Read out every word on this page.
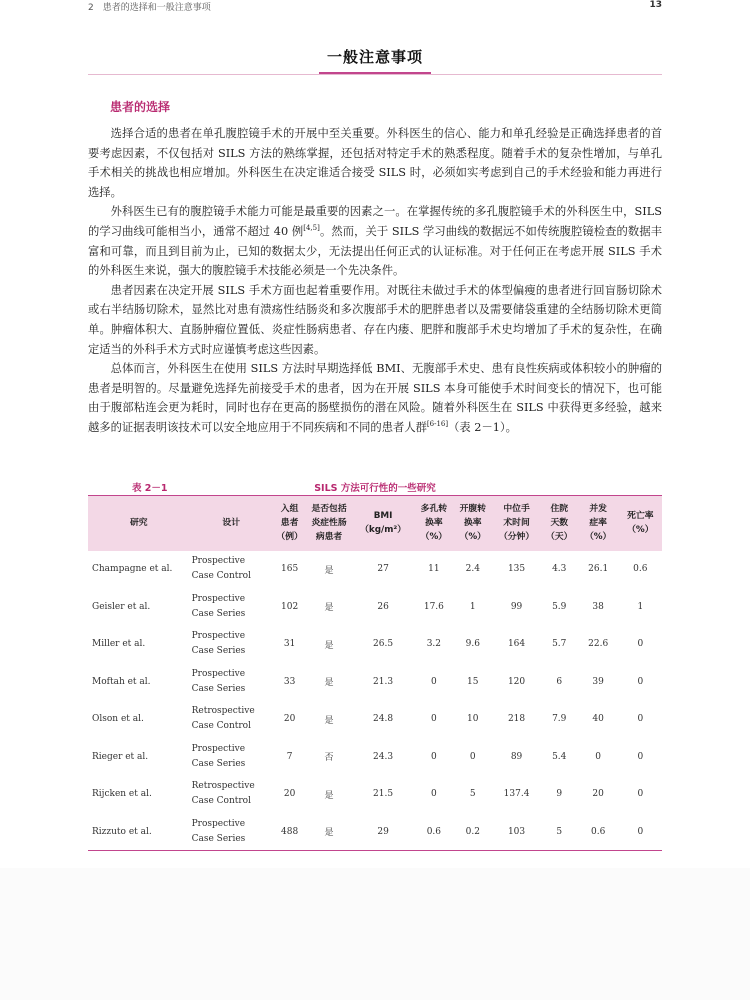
2　患者的选择和一般注意事项	13
一般注意事项
患者的选择

选择合适的患者在单孔腹腔镜手术的开展中至关重要。外科医生的信心、能力和单孔经验是正确选择患者的首要考虑因素，不仅包括对 SILS 方法的熟练掌握，还包括对特定手术的熟悉程度。随着手术的复杂性增加，与单孔手术相关的挑战也相应增加。外科医生在决定谁适合接受 SILS 时，必须如实考虑到自己的手术经验和能力再进行选择。

外科医生已有的腹腔镜手术能力可能是最重要的因素之一。在掌握传统的多孔腹腔镜手术的外科医生中，SILS 的学习曲线可能相当小，通常不超过 40 例[4,5]。然而，关于 SILS 学习曲线的数据远不如传统腹腔镜检查的数据丰富和可靠，而且到目前为止，已知的数据太少，无法提出任何正式的认证标准。对于任何正在考虑开展 SILS 手术的外科医生来说，强大的腹腔镜手术技能必须是一个先决条件。

患者因素在决定开展 SILS 手术方面也起着重要作用。对既往未做过手术的体型偏瘦的患者进行回盲肠切除术或右半结肠切除术，显然比对患有溃疡性结肠炎和多次腹部手术的肥胖患者以及需要储袋重建的全结肠切除术更简单。肿瘤体积大、直肠肿瘤位置低、炎症性肠病患者、存在内瘘、肥胖和腹部手术史均增加了手术的复杂性，在确定适当的外科手术方式时应谨慎考虑这些因素。

总体而言，外科医生在使用 SILS 方法时早期选择低 BMI、无腹部手术史、患有良性疾病或体积较小的肿瘤的患者是明智的。尽量避免选择先前接受手术的患者，因为在开展 SILS 本身可能使手术时间变长的情况下，也可能由于腹部粘连会更为耗时，同时也存在更高的肠壁损伤的潜在风险。随着外科医生在 SILS 中获得更多经验，越来越多的证据表明该技术可以安全地应用于不同疾病和不同的患者人群[6-16]（表 2－1）。

SILS 方法可行性的一些研究
表 2－1
研究	设计	入组
患者
（例）	是否包括
炎症性肠
病患者	BMI
（kg/m²）	多孔转
换率
（%）	开腹转
换率
（%）	中位手
术时间
（分钟）	住院
天数
（天）	并发
症率
（%）	死亡率
（%）
Champagne et al.	Prospective
Case Control	165	是	27	11	2.4	135	4.3	26.1	0.6
Geisler et al.	Prospective
Case Series	102	是	26	17.6	1	99	5.9	38	1
Miller et al.	Prospective
Case Series	31	是	26.5	3.2	9.6	164	5.7	22.6	0
Moftah et al.	Prospective
Case Series	33	是	21.3	0	15	120	6	39	0
Olson et al.	Retrospective
Case Control	20	是	24.8	0	10	218	7.9	40	0
Rieger et al.	Prospective
Case Series	7	否	24.3	0	0	89	5.4	0	0
Rijcken et al.	Retrospective
Case Control	20	是	21.5	0	5	137.4	9	20	0
Rizzuto et al.	Prospective
Case Series	488	是	29	0.6	0.2	103	5	0.6	0
